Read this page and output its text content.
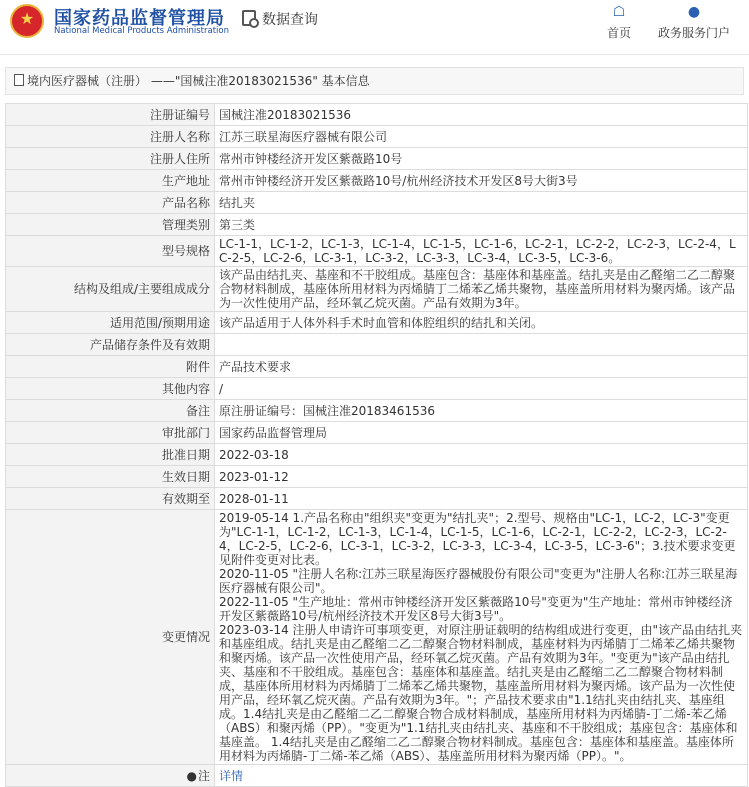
★
国家药品监督管理局
National Medical Products Administration
数据查询	☖
首页
●
政务服务门户
境内医疗器械（注册） ——"国械注准20183021536" 基本信息
注册证编号	国械注准20183021536
注册人名称	江苏三联星海医疗器械有限公司
注册人住所	常州市钟楼经济开发区紫薇路10号
生产地址	常州市钟楼经济开发区紫薇路10号/杭州经济技术开发区8号大街3号
产品名称	结扎夹
管理类别	第三类
型号规格	LC-1-1，LC-1-2，LC-1-3，LC-1-4，LC-1-5，LC-1-6，LC-2-1，LC-2-2，LC-2-3，LC-2-4，LC-2-5，LC-2-6，LC-3-1，LC-3-2，LC-3-3，LC-3-4，LC-3-5，LC-3-6。
结构及组成/主要组成成分	该产品由结扎夹、基座和不干胶组成。基座包含：基座体和基座盖。结扎夹是由乙醛缩二乙二醇聚合物材料制成，基座体所用材料为丙烯腈丁二烯苯乙烯共聚物，基座盖所用材料为聚丙烯。该产品为一次性使用产品，经环氧乙烷灭菌。产品有效期为3年。
适用范围/预期用途	该产品适用于人体外科手术时血管和体腔组织的结扎和关闭。
产品储存条件及有效期	
附件	产品技术要求
其他内容	/
备注	原注册证编号：国械注准20183461536
审批部门	国家药品监督管理局
批准日期	2022-03-18
生效日期	2023-01-12
有效期至	2028-01-11
变更情况	2019-05-14 1.产品名称由"组织夹"变更为"结扎夹"；2.型号、规格由"LC-1，LC-2，LC-3"变更为"LC-1-1，LC-1-2，LC-1-3，LC-1-4，LC-1-5，LC-1-6，LC-2-1，LC-2-2，LC-2-3，LC-2-4，LC-2-5，LC-2-6，LC-3-1，LC-3-2，LC-3-3，LC-3-4，LC-3-5，LC-3-6"；3.技术要求变更见附件变更对比表。

2020-11-05 "注册人名称:江苏三联星海医疗器械股份有限公司"变更为"注册人名称:江苏三联星海医疗器械有限公司"。

2022-11-05 "生产地址：常州市钟楼经济开发区紫薇路10号"变更为"生产地址：常州市钟楼经济开发区紫薇路10号/杭州经济技术开发区8号大街3号"。

2023-03-14 注册人申请许可事项变更，对原注册证载明的结构组成进行变更，由"该产品由结扎夹和基座组成。结扎夹是由乙醛缩二乙二醇聚合物材料制成，基座材料为丙烯腈丁二烯苯乙烯共聚物和聚丙烯。该产品一次性使用产品，经环氧乙烷灭菌。产品有效期为3年。"变更为"该产品由结扎夹、基座和不干胶组成。基座包含：基座体和基座盖。结扎夹是由乙醛缩二乙二醇聚合物材料制成，基座体所用材料为丙烯腈丁二烯苯乙烯共聚物，基座盖所用材料为聚丙烯。该产品为一次性使用产品，经环氧乙烷灭菌。产品有效期为3年。"；产品技术要求由"1.1结扎夹由结扎夹、基座组成。1.4结扎夹是由乙醛缩二乙二醇聚合物合成材料制成，基座所用材料为丙烯腈-丁二烯-苯乙烯（ABS）和聚丙烯（PP）。"变更为"1.1结扎夹由结扎夹、基座和不干胶组成；基座包含：基座体和基座盖。 1.4结扎夹是由乙醛缩二乙二醇聚合物材料制成。基座包含：基座体和基座盖。基座体所用材料为丙烯腈-丁二烯-苯乙烯（ABS）、基座盖所用材料为聚丙烯（PP）。"。

●注	详情
